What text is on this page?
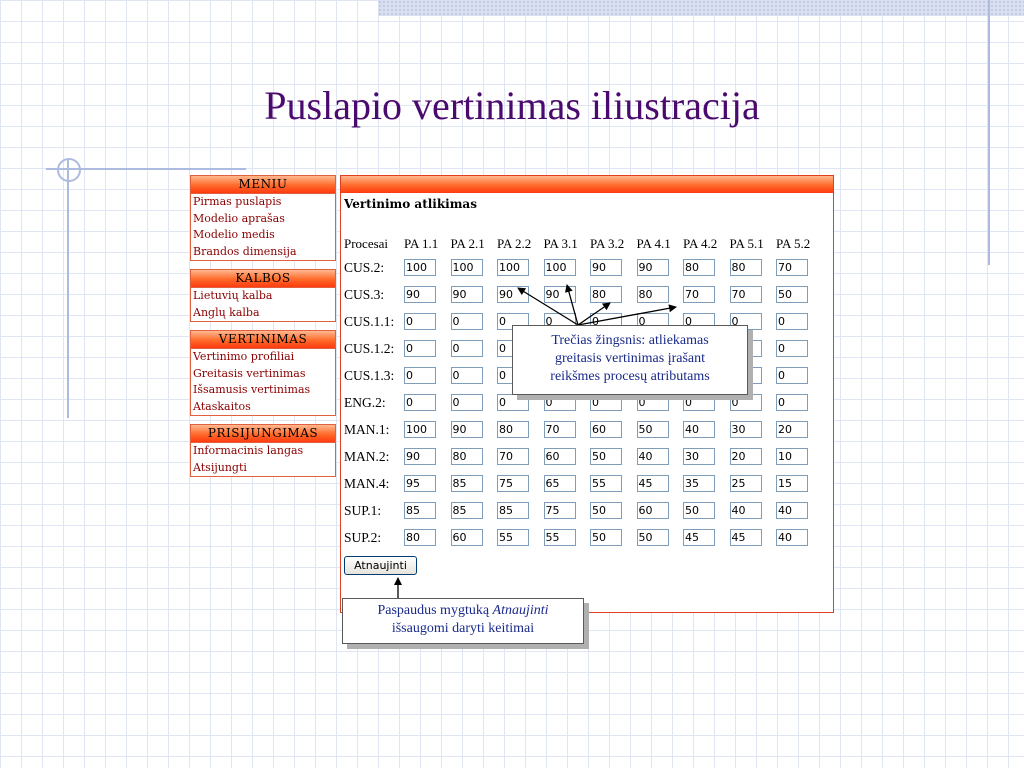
Puslapio vertinimas iliustracija
MENIU
Pirmas puslapis
Modelio aprašas
Modelio medis
Brandos dimensija
KALBOS
Lietuvių kalba
Anglų kalba
VERTINIMAS
Vertinimo profiliai
Greitasis vertinimas
Išsamusis vertinimas
Ataskaitos
PRISIJUNGIMAS
Informacinis langas
Atsijungti
Vertinimo atlikimas
Procesai	PA 1.1	PA 2.1	PA 2.2	PA 3.1	PA 3.2	PA 4.1	PA 4.2	PA 5.1	PA 5.2
CUS.2:	100	100	100	100	90	90	80	80	70
CUS.3:	90	90	90	90	80	80	70	70	50
CUS.1.1:	0	0	0	0	0	0	0	0	0
CUS.1.2:	0	0	0	0	0	0	0	0	0
CUS.1.3:	0	0	0	0	0	0	0	0	0
ENG.2:	0	0	0	0	0	0	0	0	0
MAN.1:	100	90	80	70	60	50	40	30	20
MAN.2:	90	80	70	60	50	40	30	20	10
MAN.4:	95	85	75	65	55	45	35	25	15
SUP.1:	85	85	85	75	50	60	50	40	40
SUP.2:	80	60	55	55	50	50	45	45	40
Atnaujinti
Trečias žingsnis: atliekamas
greitasis vertinimas įrašant
reikšmes procesų atributams
Paspaudus mygtuką Atnaujinti
išsaugomi daryti keitimai
